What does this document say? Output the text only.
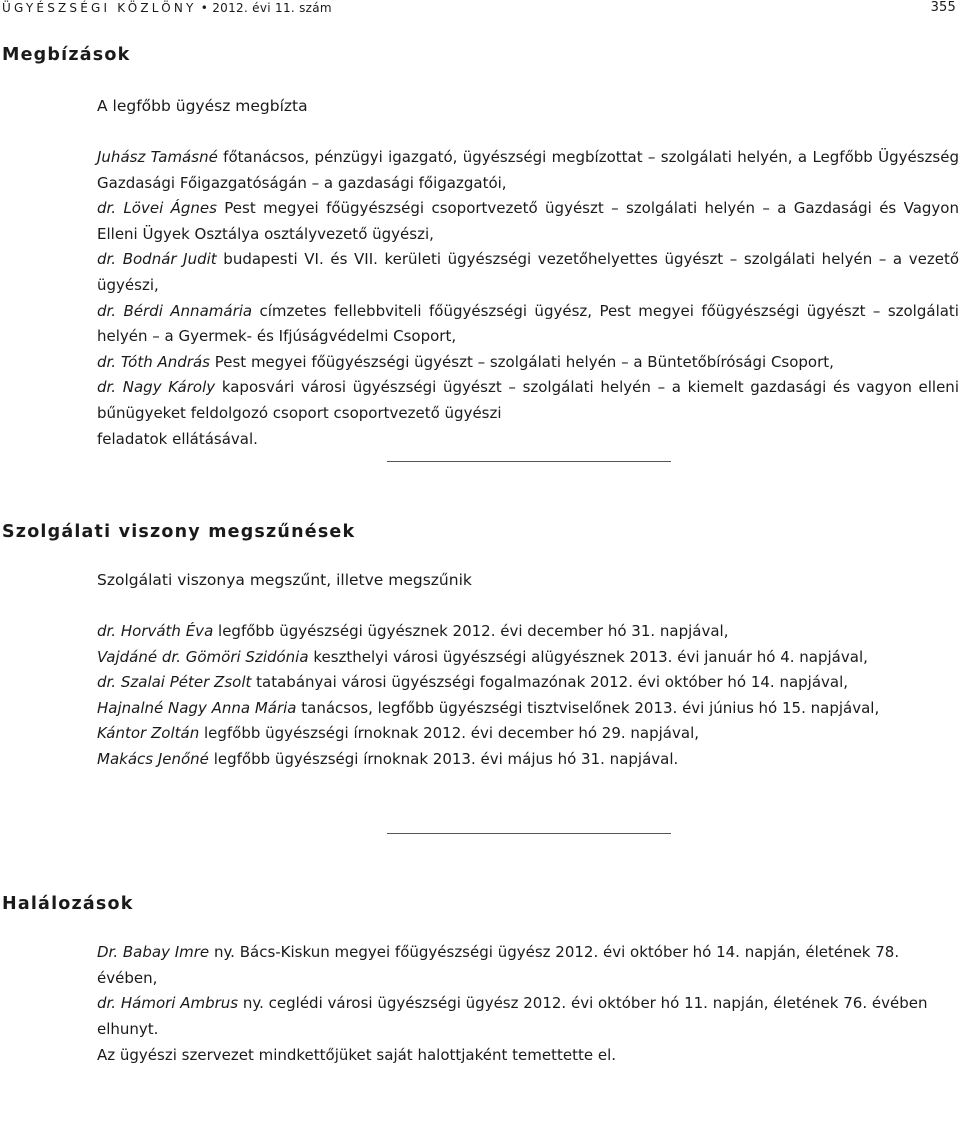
ÜGYÉSZSÉGI KÖZLÖNY • 2012. évi 11. szám	355
Megbízások

A legfőbb ügyész megbízta

Juhász Tamásné főtanácsos, pénzügyi igazgató, ügyészségi megbízottat – szolgálati helyén, a Legfőbb Ügyészség Gazdasági Főigazgatóságán – a gazdasági főigazgatói,

dr. Lövei Ágnes Pest megyei főügyészségi csoportvezető ügyészt – szolgálati helyén – a Gazdasági és Vagyon Elleni Ügyek Osztálya osztályvezető ügyészi,

dr. Bodnár Judit budapesti VI. és VII. kerületi ügyészségi vezetőhelyettes ügyészt – szolgálati helyén – a vezető ügyészi,

dr. Bérdi Annamária címzetes fellebbviteli főügyészségi ügyész, Pest megyei főügyészségi ügyészt – szolgálati helyén – a Gyermek- és Ifjúságvédelmi Csoport,

dr. Tóth András Pest megyei főügyészségi ügyészt – szolgálati helyén – a Büntetőbírósági Csoport,

dr. Nagy Károly kaposvári városi ügyészségi ügyészt – szolgálati helyén – a kiemelt gazdasági és vagyon elleni bűnügyeket feldolgozó csoport csoportvezető ügyészi

feladatok ellátásával.

Szolgálati viszony megszűnések

Szolgálati viszonya megszűnt, illetve megszűnik

dr. Horváth Éva legfőbb ügyészségi ügyésznek 2012. évi december hó 31. napjával,

Vajdáné dr. Gömöri Szidónia keszthelyi városi ügyészségi alügyésznek 2013. évi január hó 4. napjával,

dr. Szalai Péter Zsolt tatabányai városi ügyészségi fogalmazónak 2012. évi október hó 14. napjával,

Hajnalné Nagy Anna Mária tanácsos, legfőbb ügyészségi tisztviselőnek 2013. évi június hó 15. napjával,

Kántor Zoltán legfőbb ügyészségi írnoknak 2012. évi december hó 29. napjával,

Makács Jenőné legfőbb ügyészségi írnoknak 2013. évi május hó 31. napjával.

Halálozások

Dr. Babay Imre ny. Bács-Kiskun megyei főügyészségi ügyész 2012. évi október hó 14. napján, életének 78. évében,

dr. Hámori Ambrus ny. ceglédi városi ügyészségi ügyész 2012. évi október hó 11. napján, életének 76. évében elhunyt.

Az ügyészi szervezet mindkettőjüket saját halottjaként temettette el.
